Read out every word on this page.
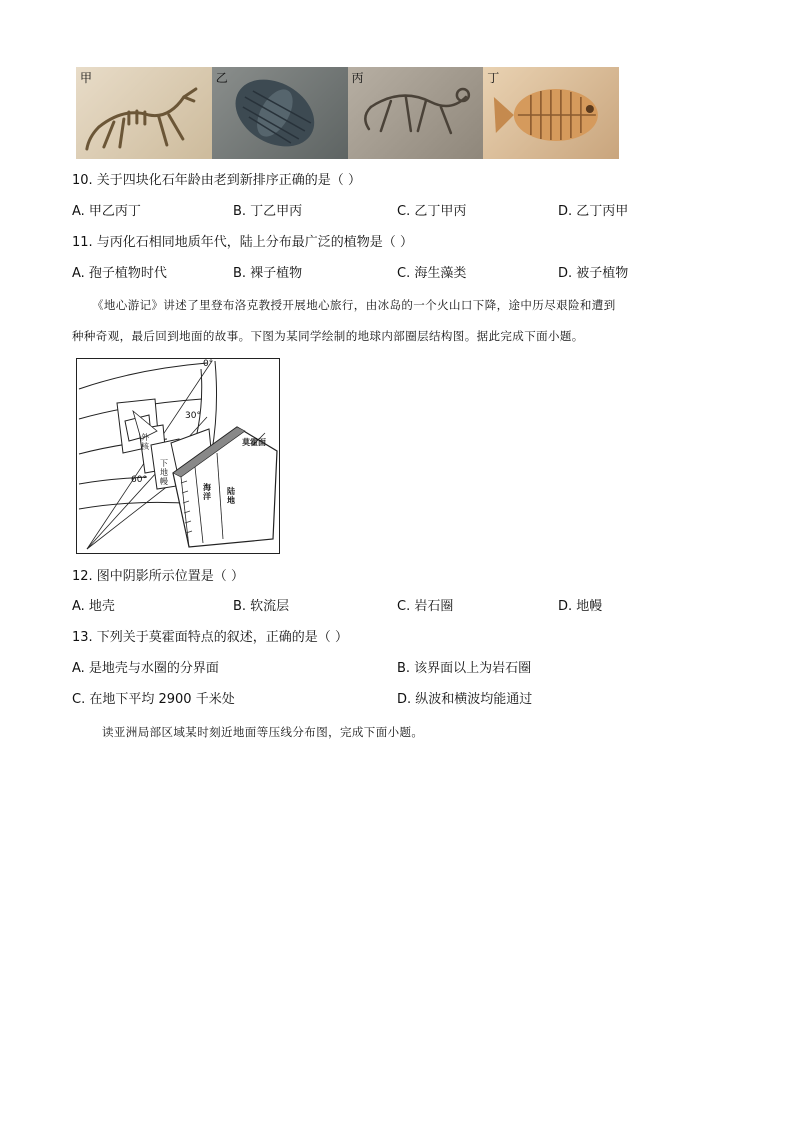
甲	乙	丙	丁
10. 关于四块化石年龄由老到新排序正确的是（ ）
A. 甲乙丙丁	B. 丁乙甲丙	C. 乙丁甲丙	D. 乙丁丙甲
11. 与丙化石相同地质年代，陆上分布最广泛的植物是（ ）
A. 孢子植物时代	B. 裸子植物	C. 海生藻类	D. 被子植物
《地心游记》讲述了里登布洛克教授开展地心旅行，由冰岛的一个火山口下降，途中历尽艰险和遭到
种种奇观，最后回到地面的故事。下图为某同学绘制的地球内部圈层结构图。据此完成下面小题。
0°
30°
60°
莫霍面
外核
下地幔
海洋
陆地
12. 图中阴影所示位置是（ ）
A. 地壳	B. 软流层	C. 岩石圈	D. 地幔
13. 下列关于莫霍面特点的叙述，正确的是（ ）
A. 是地壳与水圈的分界面	B. 该界面以上为岩石圈
C. 在地下平均 2900 千米处	D. 纵波和横波均能通过
读亚洲局部区域某时刻近地面等压线分布图，完成下面小题。
